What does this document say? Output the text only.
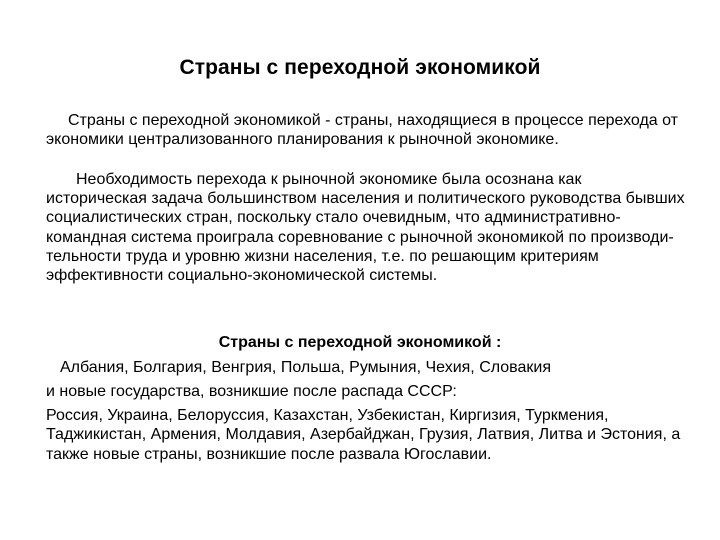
Страны с переходной экономикой

Страны с переходной экономикой - страны, находящиеся в процессе перехода от экономики централизованного планирования к рыночной экономике.

Необходимость перехода к рыночной экономике была осознана как историческая задача большинством населения и политического руководства бывших социалистических стран, поскольку стало очевидным, что административно-командная система проиграла соревнование с рыночной экономикой по производи-тельности труда и уровню жизни населения, т.е. по решающим критериям эффективности социально-экономической системы.

Страны с переходной экономикой :

Албания, Болгария, Венгрия, Польша, Румыния, Чехия, Словакия

и новые государства, возникшие после распада СССР:

Россия, Украина, Белоруссия, Казахстан, Узбекистан, Киргизия, Туркмения, Таджикистан, Армения, Молдавия, Азербайджан, Грузия, Латвия, Литва и Эстония, а также новые страны, возникшие после развала Югославии.
